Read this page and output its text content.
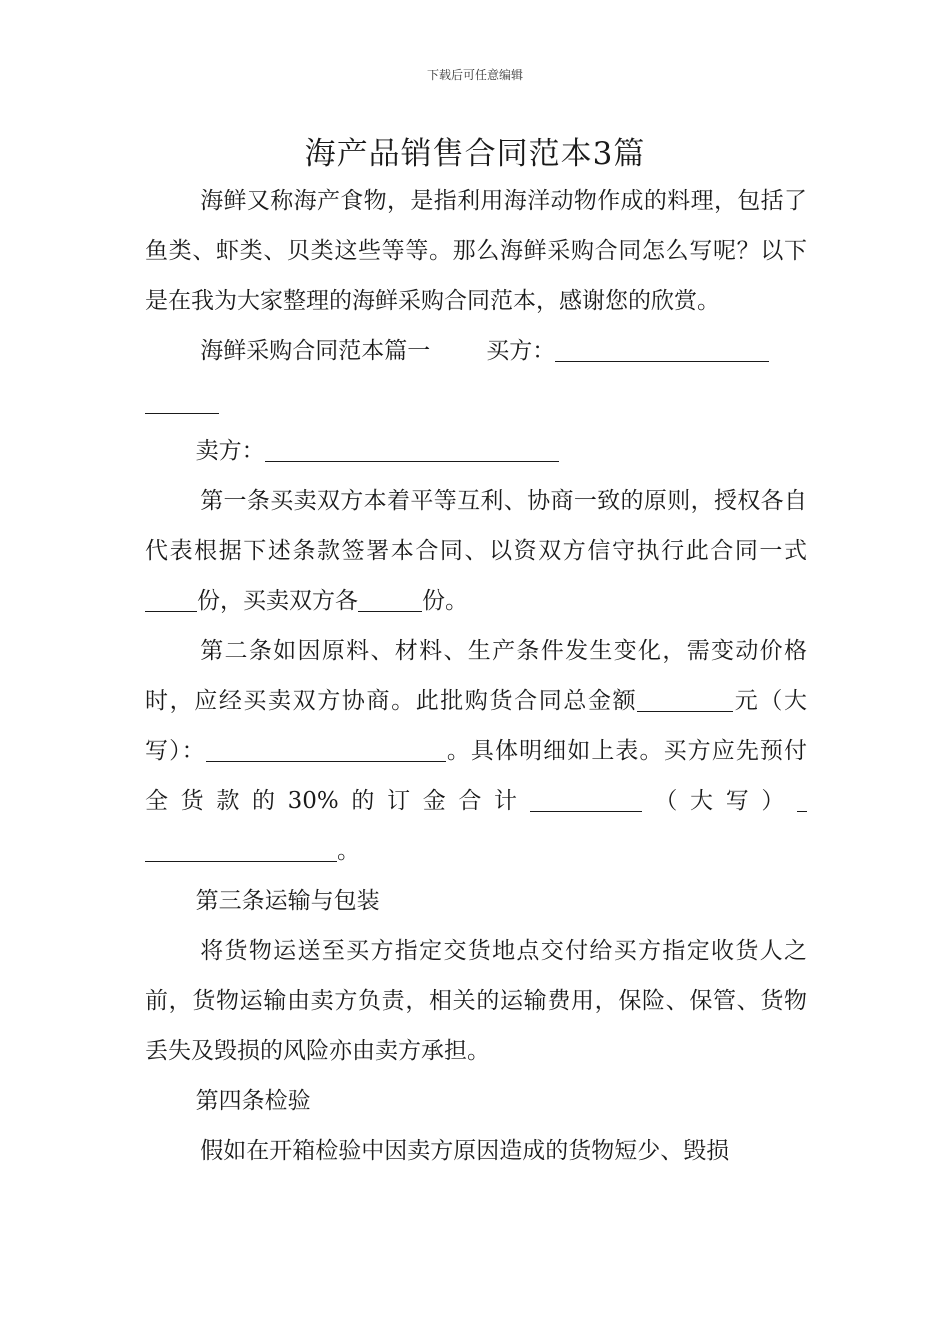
下载后可任意编辑
海产品销售合同范本3篇

海鲜又称海产食物，是指利用海洋动物作成的料理，包括了鱼类、虾类、贝类这些等等。那么海鲜采购合同怎么写呢？以下是在我为大家整理的海鲜采购合同范本，感谢您的欣赏。

海鲜采购合同范本篇一 买方：

卖方：

第一条买卖双方本着平等互利、协商一致的原则，授权各自代表根据下述条款签署本合同、以资双方信守执行此合同一式份，买卖双方各	份。

第二条如因原料、材料、生产条件发生变化，需变动价格时，应经买卖双方协商。此批购货合同总金额	元（大写）：	。具体明细如上表。买方应先预付全货款的30%的订金合计	（大写）。

第三条运输与包装

将货物运送至买方指定交货地点交付给买方指定收货人之前，货物运输由卖方负责，相关的运输费用，保险、保管、货物丢失及毁损的风险亦由卖方承担。

第四条检验

假如在开箱检验中因卖方原因造成的货物短少、毁损
